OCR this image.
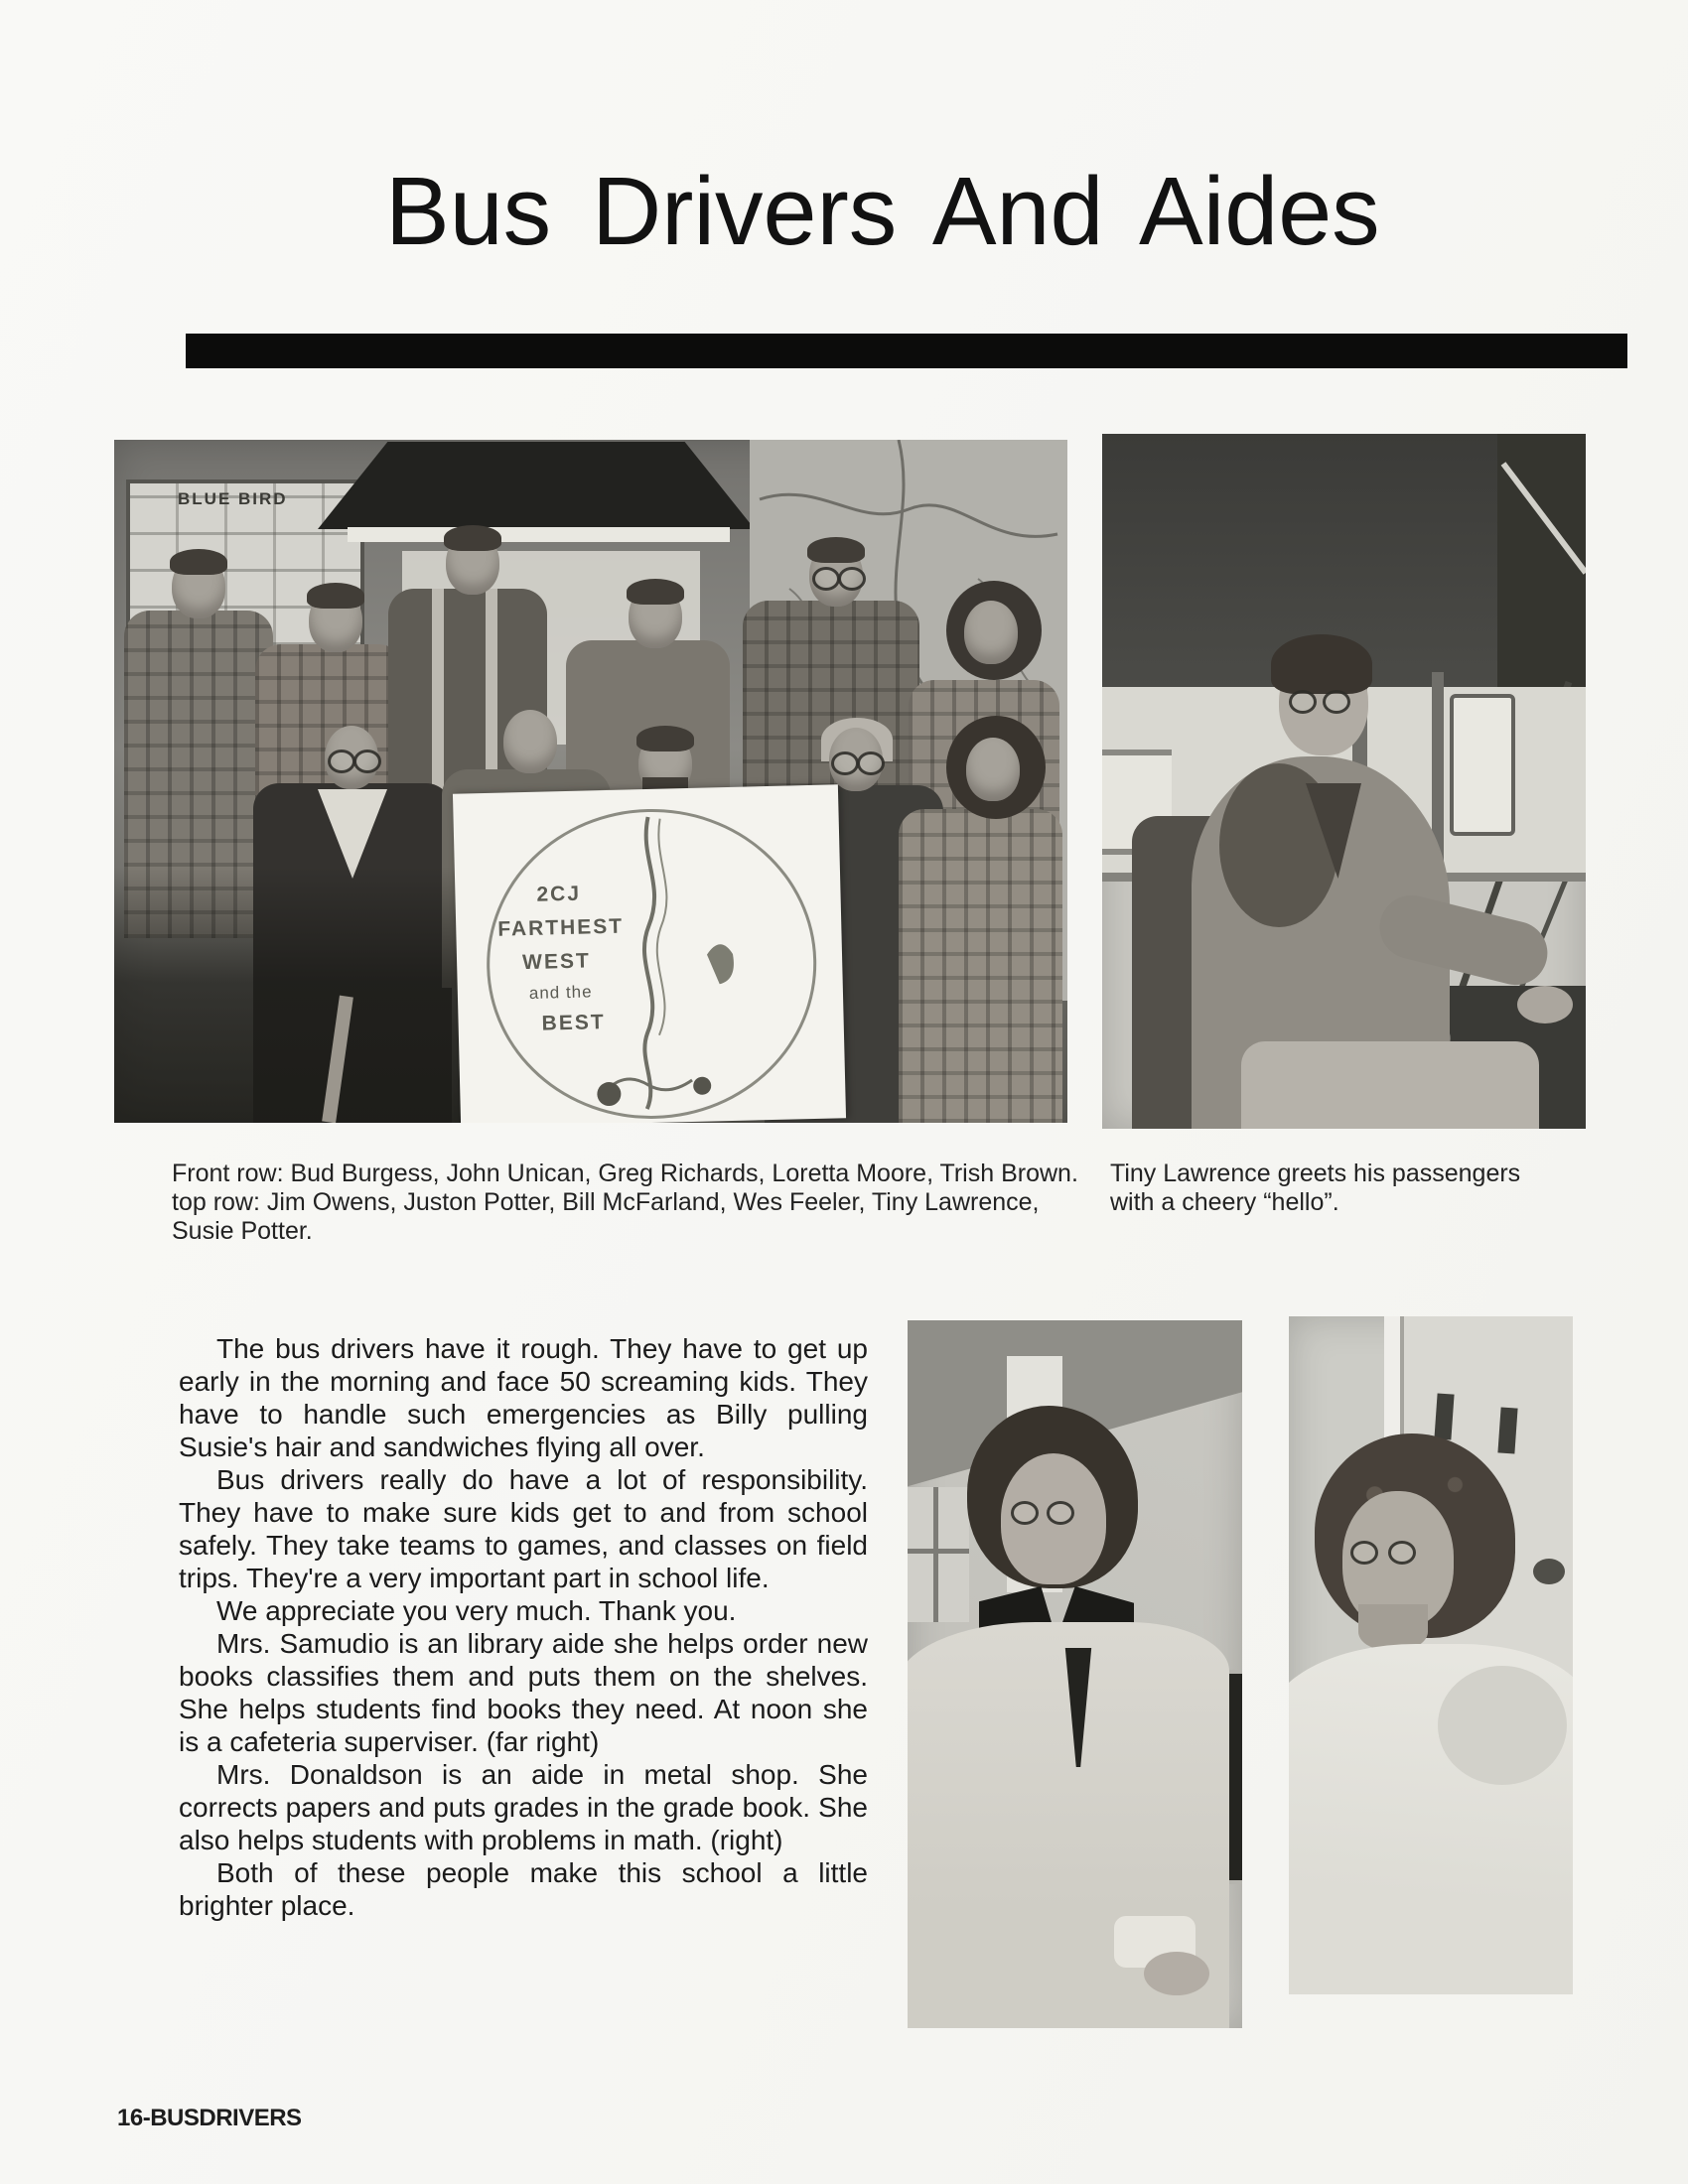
Bus Drivers And Aides
BLUE BIRD
2CJ
FARTHEST
WEST
and the
BEST
Front row: Bud Burgess, John Unican, Greg Richards, Loretta Moore, Trish Brown.
top row: Jim Owens, Juston Potter, Bill McFarland, Wes Feeler, Tiny Lawrence,
Susie Potter.
Tiny Lawrence greets his passengers
with a cheery “hello”.

The bus drivers have it rough. They have to get up early in the morning and face 50 screaming kids. They have to handle such emergencies as Billy pulling Susie's hair and sandwiches flying all over.

Bus drivers really do have a lot of responsibility. They have to make sure kids get to and from school safely. They take teams to games, and classes on field trips. They're a very important part in school life.

We appreciate you very much. Thank you.

Mrs. Samudio is an library aide she helps order new books classifies them and puts them on the shelves. She helps students find books they need. At noon she is a cafeteria superviser. (far right)

Mrs. Donaldson is an aide in metal shop. She corrects papers and puts grades in the grade book. She also helps students with problems in math. (right)

Both of these people make this school a little brighter place.

16-BUSDRIVERS
